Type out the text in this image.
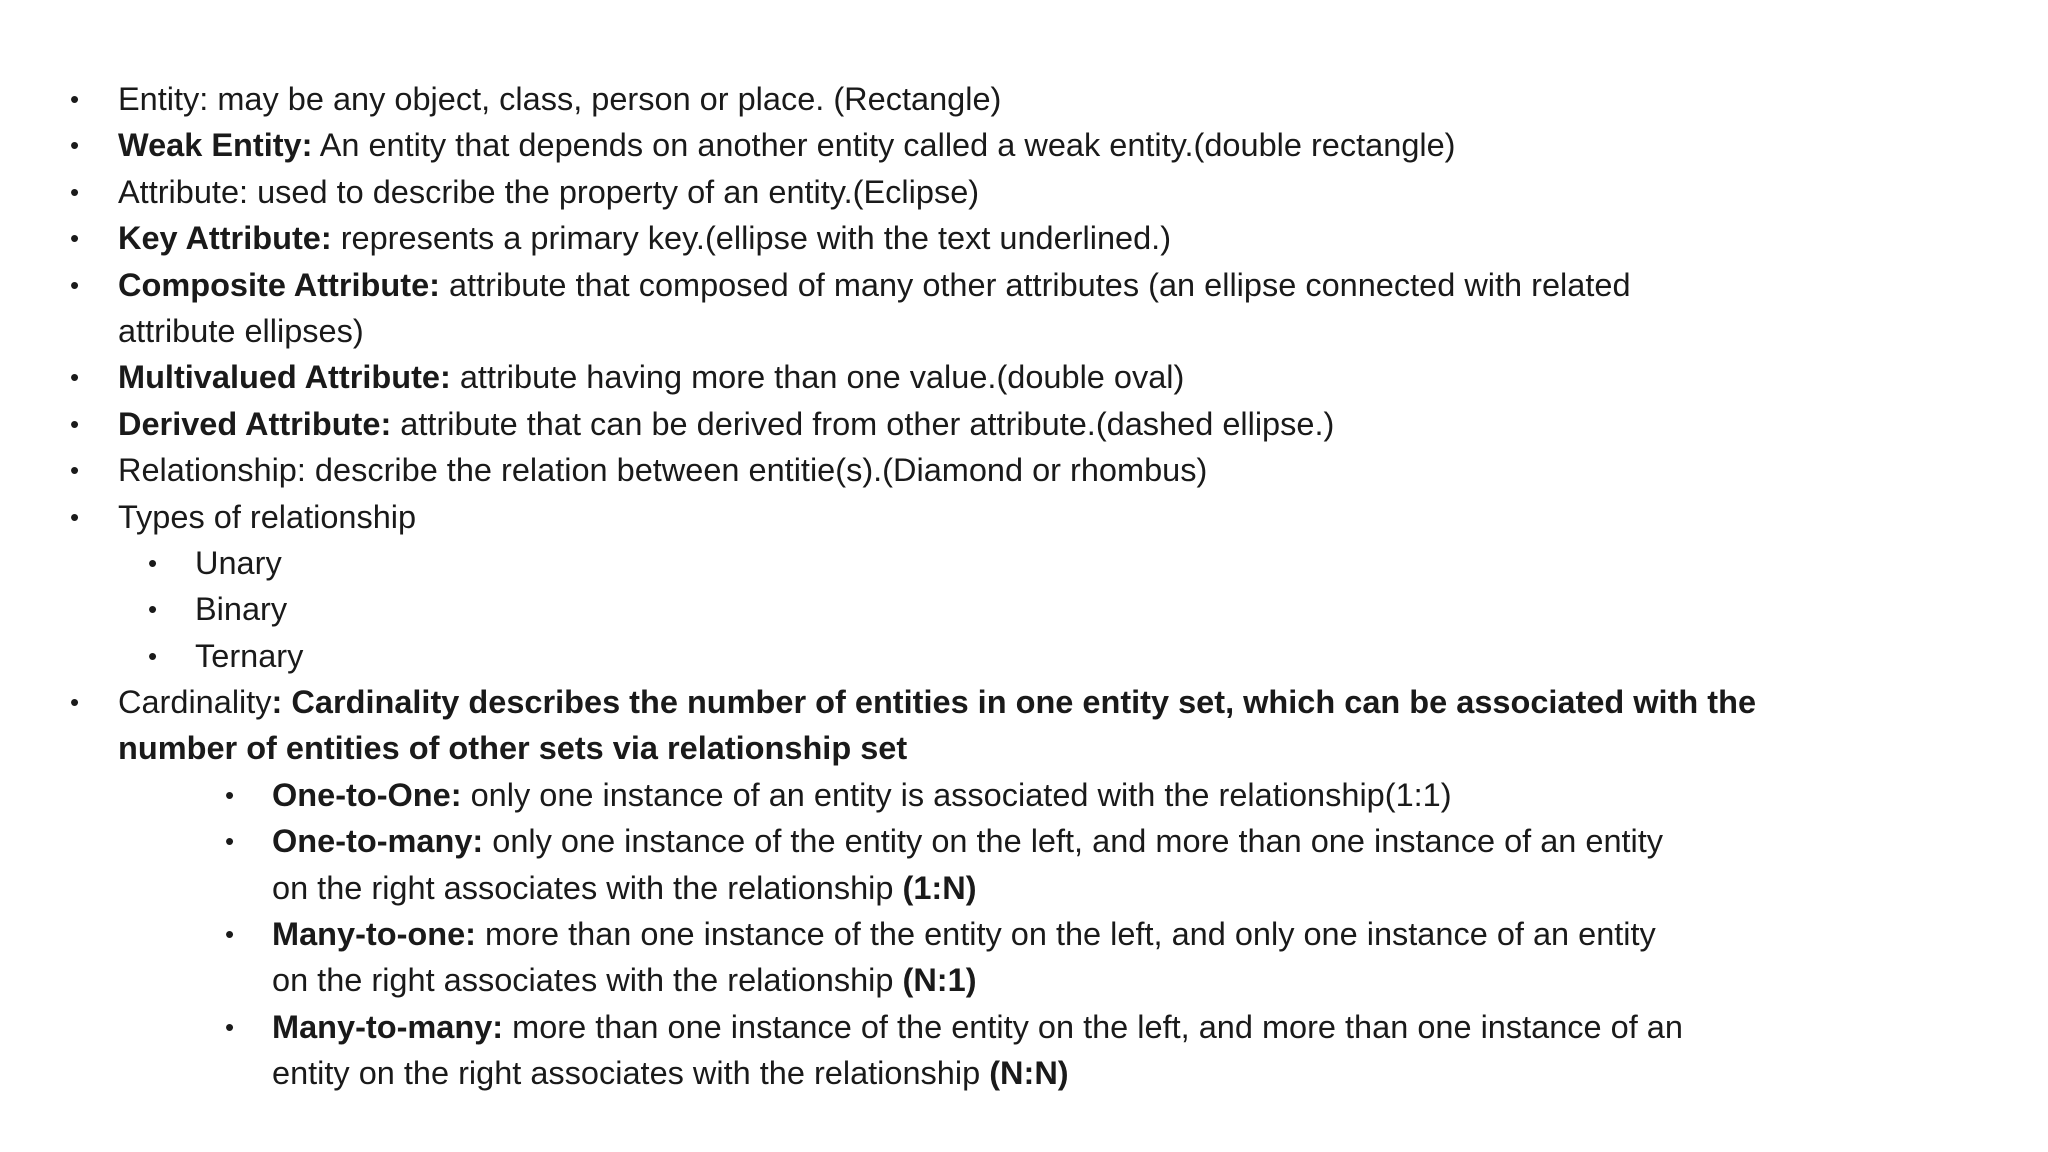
• Entity: may be any object, class, person or place. (Rectangle)
• Weak Entity: An entity that depends on another entity called a weak entity.(double rectangle)
• Attribute: used to describe the property of an entity.(Eclipse)
• Key Attribute: represents a primary key.(ellipse with the text underlined.)
• Composite Attribute: attribute that composed of many other attributes (an ellipse connected with related
attribute ellipses)
• Multivalued Attribute: attribute having more than one value.(double oval)
• Derived Attribute: attribute that can be derived from other attribute.(dashed ellipse.)
• Relationship: describe the relation between entitie(s).(Diamond or rhombus)
• Types of relationship
• Unary
• Binary
• Ternary
• Cardinality: Cardinality describes the number of entities in one entity set, which can be associated with the
number of entities of other sets via relationship set
• One-to-One: only one instance of an entity is associated with the relationship(1:1)
• One-to-many: only one instance of the entity on the left, and more than one instance of an entity
on the right associates with the relationship (1:N)
• Many-to-one: more than one instance of the entity on the left, and only one instance of an entity
on the right associates with the relationship (N:1)
• Many-to-many: more than one instance of the entity on the left, and more than one instance of an
entity on the right associates with the relationship (N:N)
